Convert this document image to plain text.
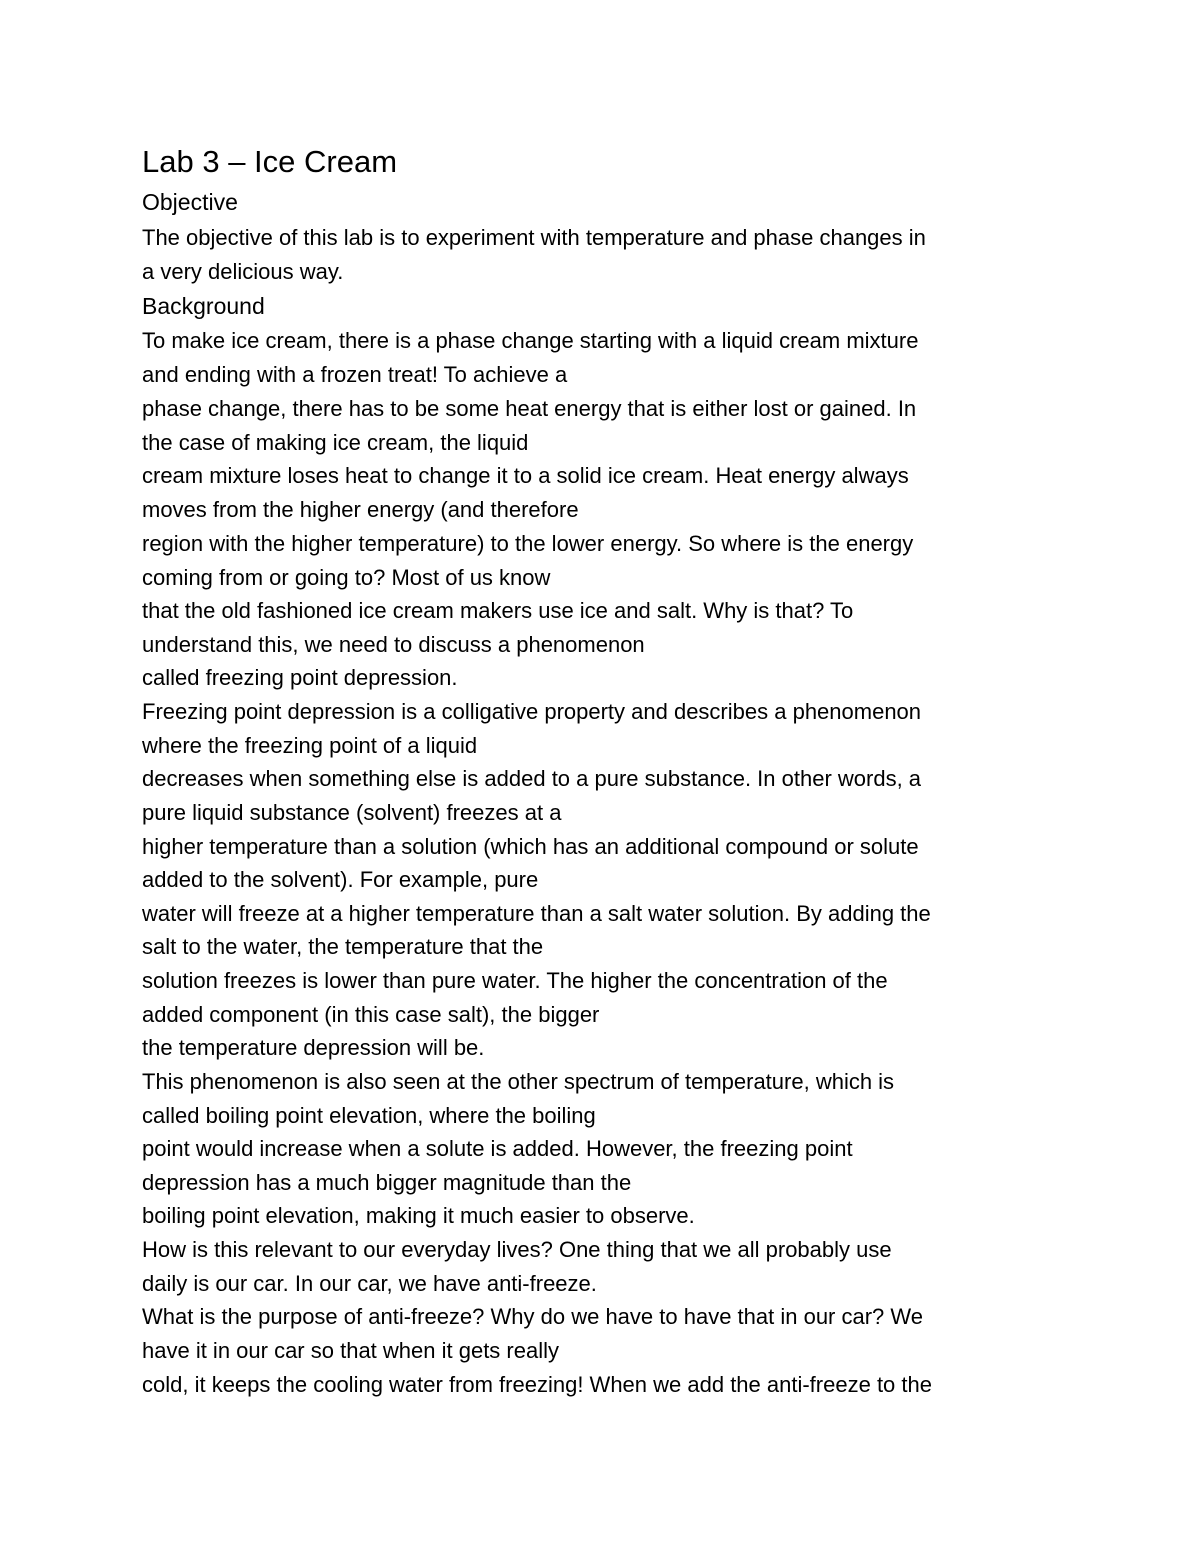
Lab 3 – Ice Cream
Objective

The objective of this lab is to experiment with temperature and phase changes in

a very delicious way.

Background

To make ice cream, there is a phase change starting with a liquid cream mixture

and ending with a frozen treat! To achieve a

phase change, there has to be some heat energy that is either lost or gained. In

the case of making ice cream, the liquid

cream mixture loses heat to change it to a solid ice cream. Heat energy always

moves from the higher energy (and therefore

region with the higher temperature) to the lower energy. So where is the energy

coming from or going to? Most of us know

that the old fashioned ice cream makers use ice and salt. Why is that? To

understand this, we need to discuss a phenomenon

called freezing point depression.

Freezing point depression is a colligative property and describes a phenomenon

where the freezing point of a liquid

decreases when something else is added to a pure substance. In other words, a

pure liquid substance (solvent) freezes at a

higher temperature than a solution (which has an additional compound or solute

added to the solvent). For example, pure

water will freeze at a higher temperature than a salt water solution. By adding the

salt to the water, the temperature that the

solution freezes is lower than pure water. The higher the concentration of the

added component (in this case salt), the bigger

the temperature depression will be.

This phenomenon is also seen at the other spectrum of temperature, which is

called boiling point elevation, where the boiling

point would increase when a solute is added. However, the freezing point

depression has a much bigger magnitude than the

boiling point elevation, making it much easier to observe.

How is this relevant to our everyday lives? One thing that we all probably use

daily is our car. In our car, we have anti-freeze.

What is the purpose of anti-freeze? Why do we have to have that in our car? We

have it in our car so that when it gets really

cold, it keeps the cooling water from freezing! When we add the anti-freeze to the
